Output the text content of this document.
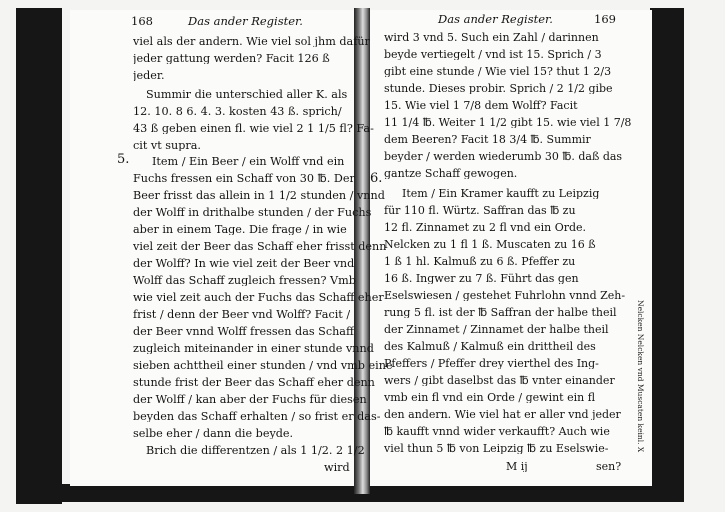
168	Das ander Register.
viel als der andern. Wie viel sol jhm dafür
jeder gattung werden? Facit 126 ß
jeder.
Summir die unterschied aller K. als
12. 10. 8 6. 4. 3. kosten 43 ß. sprich/
43 ß geben einen fl. wie viel 2 1 1/5 fl? Fa-
cit vt supra.
5. Item / Ein Beer / ein Wolff vnd ein
Fuchs fressen ein Schaff von 30 ℔. Der
Beer frisst das allein in 1 1/2 stunden / vnnd
der Wolff in drithalbe stunden / der Fuchs
aber in einem Tage. Die frage / in wie
viel zeit der Beer das Schaff eher frisst denn
der Wolff? In wie viel zeit der Beer vnd
Wolff das Schaff zugleich fressen? Vmb
wie viel zeit auch der Fuchs das Schaff eher
frist / denn der Beer vnd Wolff? Facit /
der Beer vnnd Wolff fressen das Schaff
zugleich miteinander in einer stunde vnnd
sieben achttheil einer stunden / vnd vmb eine
stunde frist der Beer das Schaff eher denn
der Wolff / kan aber der Fuchs für diesen
beyden das Schaff erhalten / so frist er das-
selbe eher / dann die beyde.
Brich die differentzen / als 1 1/2. 2 1/2
wird
Das ander Register.	169
wird 3 vnd 5. Such ein Zahl / darinnen
beyde vertiegelt / vnd ist 15. Sprich / 3
gibt eine stunde / Wie viel 15? thut 1 2/3
stunde. Dieses probir. Sprich / 2 1/2 gibe
15. Wie viel 1 7/8 dem Wolff? Facit
11 1/4 ℔. Weiter 1 1/2 gibt 15. wie viel 1 7/8
dem Beeren? Facit 18 3/4 ℔. Summir
beyder / werden wiederumb 30 ℔. daß das
gantze Schaff gewogen.
6.
Item / Ein Kramer kaufft zu Leipzig
für 110 fl. Würtz. Saffran das ℔ zu
12 fl. Zinnamet zu 2 fl vnd ein Orde.
Nelcken zu 1 fl 1 ß. Muscaten zu 16 ß
1 ß 1 hl. Kalmuß zu 6 ß. Pfeffer zu
16 ß. Ingwer zu 7 ß. Führt das gen
Eselswiesen / gestehet Fuhrlohn vnnd Zeh-
rung 5 fl. ist der ℔ Saffran der halbe theil
der Zinnamet / Zinnamet der halbe theil
des Kalmuß / Kalmuß ein drittheil des
Pfeffers / Pfeffer drey vierthel des Ing-
wers / gibt daselbst das ℔ vnter einander
vmb ein fl vnd ein Orde / gewint ein fl
den andern. Wie viel hat er aller vnd jeder
℔ kaufft vnnd wider verkaufft? Auch wie
viel thun 5 ℔ von Leipzig ℔ zu Eselswie-
M ij	sen?
Nelcken Nelcken vnd Muscaten keinl. X
